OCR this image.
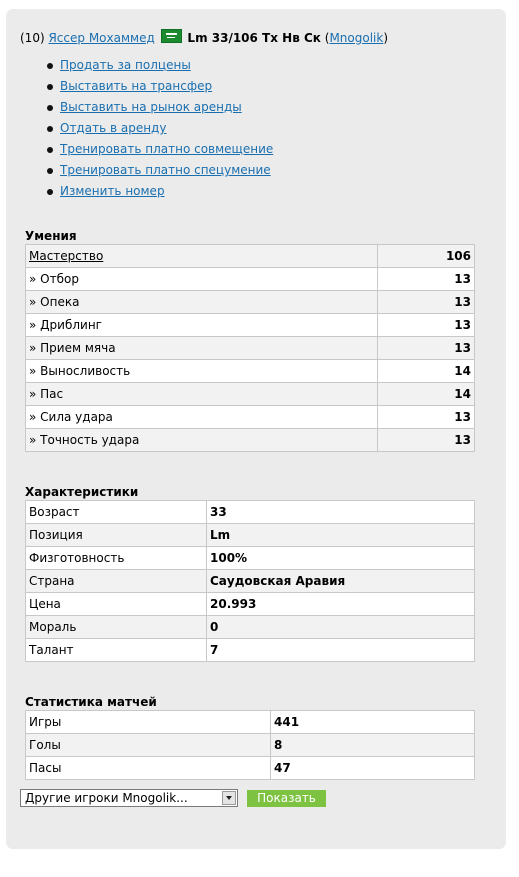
(10) Яссер Мохаммед	Lm 33/106 Тх Нв Ск (Mnogolik)
Продать за полцены
Выставить на трансфер
Выставить на рынок аренды
Отдать в аренду
Тренировать платно совмещение
Тренировать платно спецумение
Изменить номер
Умения
Мастерство	106
» Отбор	13
» Опека	13
» Дриблинг	13
» Прием мяча	13
» Выносливость	14
» Пас	14
» Сила удара	13
» Точность удара	13
Характеристики
Возраст	33
Позиция	Lm
Физготовность	100%
Страна	Саудовская Аравия
Цена	20.993
Мораль	0
Талант	7
Статистика матчей
Игры	441
Голы	8
Пасы	47
Другие игроки Mnogolik...	Показать
